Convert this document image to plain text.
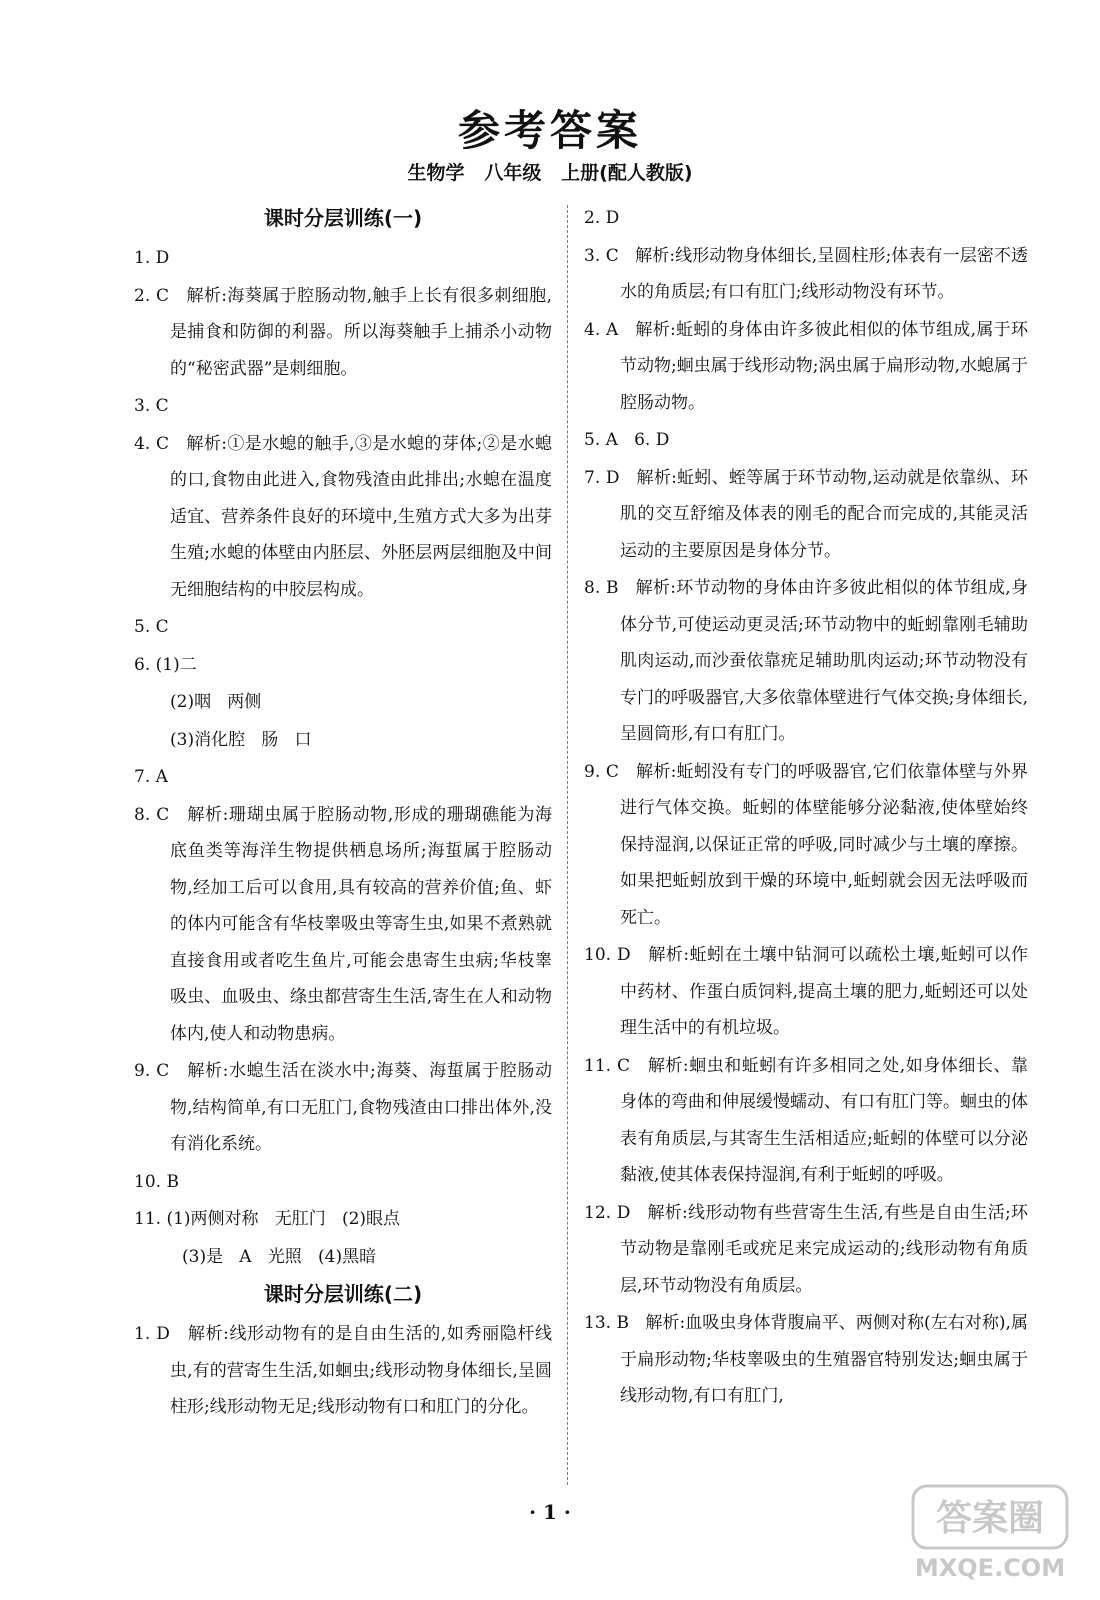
参考答案
生物学   八年级   上册(配人教版)
课时分层训练(一)

1. D

2. C   解析:海葵属于腔肠动物,触手上长有很多刺细胞,是捕食和防御的利器。所以海葵触手上捕杀小动物的“秘密武器”是刺细胞。

3. C

4. C   解析:①是水螅的触手,③是水螅的芽体;②是水螅的口,食物由此进入,食物残渣由此排出;水螅在温度适宜、营养条件良好的环境中,生殖方式大多为出芽生殖;水螅的体壁由内胚层、外胚层两层细胞及中间无细胞结构的中胶层构成。

5. C

6. (1)二

(2)咽   两侧

(3)消化腔   肠   口

7. A

8. C   解析:珊瑚虫属于腔肠动物,形成的珊瑚礁能为海底鱼类等海洋生物提供栖息场所;海蜇属于腔肠动物,经加工后可以食用,具有较高的营养价值;鱼、虾的体内可能含有华枝睾吸虫等寄生虫,如果不煮熟就直接食用或者吃生鱼片,可能会患寄生虫病;华枝睾吸虫、血吸虫、绦虫都营寄生生活,寄生在人和动物体内,使人和动物患病。

9. C   解析:水螅生活在淡水中;海葵、海蜇属于腔肠动物,结构简单,有口无肛门,食物残渣由口排出体外,没有消化系统。

10. B

11. (1)两侧对称   无肛门   (2)眼点

(3)是   A   光照   (4)黑暗

课时分层训练(二)

1. D   解析:线形动物有的是自由生活的,如秀丽隐杆线虫,有的营寄生生活,如蛔虫;线形动物身体细长,呈圆柱形;线形动物无足;线形动物有口和肛门的分化。

2. D

3. C   解析:线形动物身体细长,呈圆柱形;体表有一层密不透水的角质层;有口有肛门;线形动物没有环节。

4. A   解析:蚯蚓的身体由许多彼此相似的体节组成,属于环节动物;蛔虫属于线形动物;涡虫属于扁形动物,水螅属于腔肠动物。

5. A   6. D

7. D   解析:蚯蚓、蛭等属于环节动物,运动就是依靠纵、环肌的交互舒缩及体表的刚毛的配合而完成的,其能灵活运动的主要原因是身体分节。

8. B   解析:环节动物的身体由许多彼此相似的体节组成,身体分节,可使运动更灵活;环节动物中的蚯蚓靠刚毛辅助肌肉运动,而沙蚕依靠疣足辅助肌肉运动;环节动物没有专门的呼吸器官,大多依靠体壁进行气体交换;身体细长,呈圆筒形,有口有肛门。

9. C   解析:蚯蚓没有专门的呼吸器官,它们依靠体壁与外界进行气体交换。蚯蚓的体壁能够分泌黏液,使体壁始终保持湿润,以保证正常的呼吸,同时减少与土壤的摩擦。如果把蚯蚓放到干燥的环境中,蚯蚓就会因无法呼吸而死亡。

10. D   解析:蚯蚓在土壤中钻洞可以疏松土壤,蚯蚓可以作中药材、作蛋白质饲料,提高土壤的肥力,蚯蚓还可以处理生活中的有机垃圾。

11. C   解析:蛔虫和蚯蚓有许多相同之处,如身体细长、靠身体的弯曲和伸展缓慢蠕动、有口有肛门等。蛔虫的体表有角质层,与其寄生生活相适应;蚯蚓的体壁可以分泌黏液,使其体表保持湿润,有利于蚯蚓的呼吸。

12. D   解析:线形动物有些营寄生生活,有些是自由生活;环节动物是靠刚毛或疣足来完成运动的;线形动物有角质层,环节动物没有角质层。

13. B   解析:血吸虫身体背腹扁平、两侧对称(左右对称),属于扁形动物;华枝睾吸虫的生殖器官特别发达;蛔虫属于线形动物,有口有肛门,

· 1 ·	答案圈
MXQE.COM
